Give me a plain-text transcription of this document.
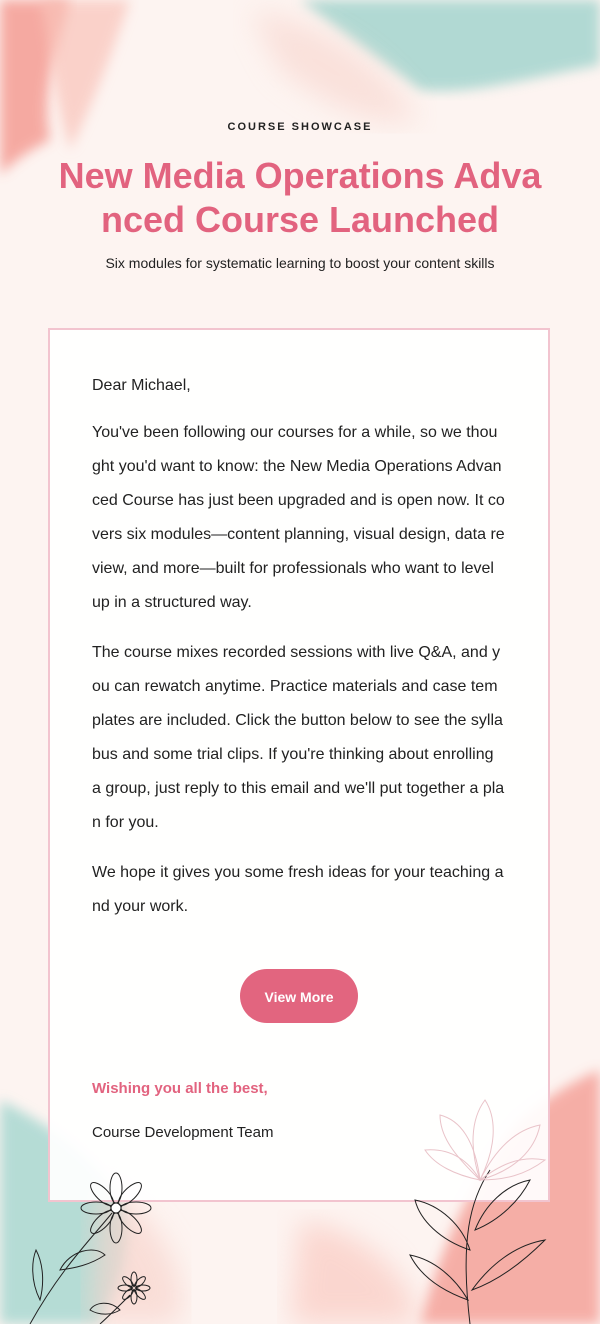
COURSE SHOWCASE
New Media Operations Advanced Course Launched
Six modules for systematic learning to boost your content skills

Dear Michael,

You've been following our courses for a while, so we thought you'd want to know: the New Media Operations Advanced Course has just been upgraded and is open now. It covers six modules—content planning, visual design, data review, and more—built for professionals who want to level up in a structured way.

The course mixes recorded sessions with live Q&A, and you can rewatch anytime. Practice materials and case templates are included. Click the button below to see the syllabus and some trial clips. If you're thinking about enrolling a group, just reply to this email and we'll put together a plan for you.

We hope it gives you some fresh ideas for your teaching and your work.

View More
Wishing you all the best,
Course Development Team
